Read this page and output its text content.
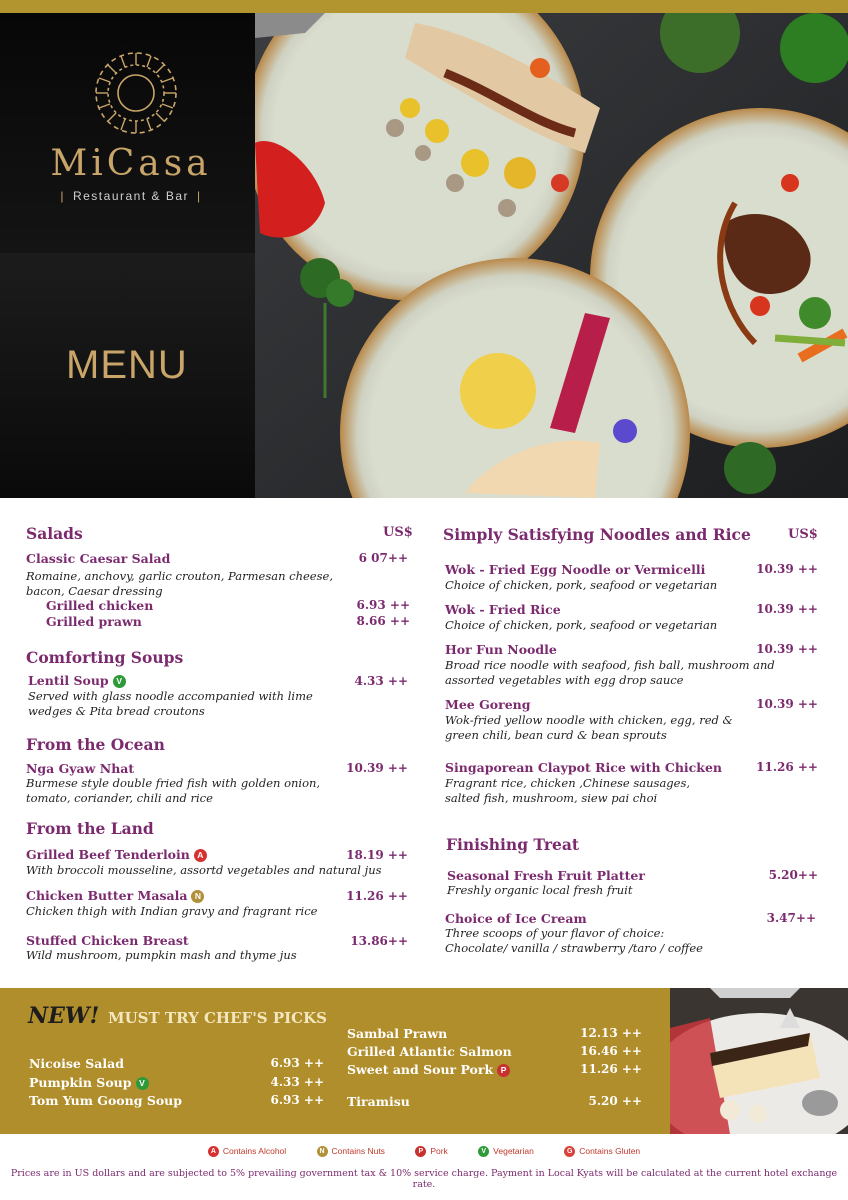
MiCasa
| Restaurant & Bar |
MENU
Salads	US$
Classic Caesar Salad	6 07++
Romaine, anchovy, garlic crouton, Parmesan cheese,
bacon, Caesar dressing
Grilled chicken	6.93 ++
Grilled prawn	8.66 ++
Comforting Soups
Lentil Soup V	4.33 ++
Served with glass noodle accompanied with lime
wedges & Pita bread croutons
From the Ocean
Nga Gyaw Nhat	10.39 ++
Burmese style double fried fish with golden onion,
tomato, coriander, chili and rice
From the Land
Grilled Beef Tenderloin A	18.19 ++
With broccoli mousseline, assortd vegetables and natural jus
Chicken Butter Masala N	11.26 ++
Chicken thigh with Indian gravy and fragrant rice
Stuffed Chicken Breast	13.86++
Wild mushroom, pumpkin mash and thyme jus
Simply Satisfying Noodles and Rice	US$
Wok - Fried Egg Noodle or Vermicelli	10.39 ++
Choice of chicken, pork, seafood or vegetarian
Wok - Fried Rice	10.39 ++
Choice of chicken, pork, seafood or vegetarian
Hor Fun Noodle	10.39 ++
Broad rice noodle with seafood, fish ball, mushroom and
assorted vegetables with egg drop sauce
Mee Goreng	10.39 ++
Wok-fried yellow noodle with chicken, egg, red &
green chili, bean curd & bean sprouts
Singaporean Claypot Rice with Chicken	11.26 ++
Fragrant rice, chicken ,Chinese sausages,
salted fish, mushroom, siew pai choi
Finishing Treat
Seasonal Fresh Fruit Platter	5.20++
Freshly organic local fresh fruit
Choice of Ice Cream	3.47++
Three scoops of your flavor of choice:
Chocolate/ vanilla / strawberry /taro / coffee
NEW! MUST TRY CHEF'S PICKS
Nicoise Salad	6.93 ++
Pumpkin Soup V	4.33 ++
Tom Yum Goong Soup	6.93 ++
Sambal Prawn	12.13 ++
Grilled Atlantic Salmon	16.46 ++
Sweet and Sour Pork P	11.26 ++
Tiramisu	5.20 ++
A Contains Alcohol	N Contains Nuts	P Pork	V Vegetarian	G Contains Gluten
Prices are in US dollars and are subjected to 5% prevailing government tax & 10% service charge. Payment in Local Kyats will be calculated at the current hotel exchange rate.
